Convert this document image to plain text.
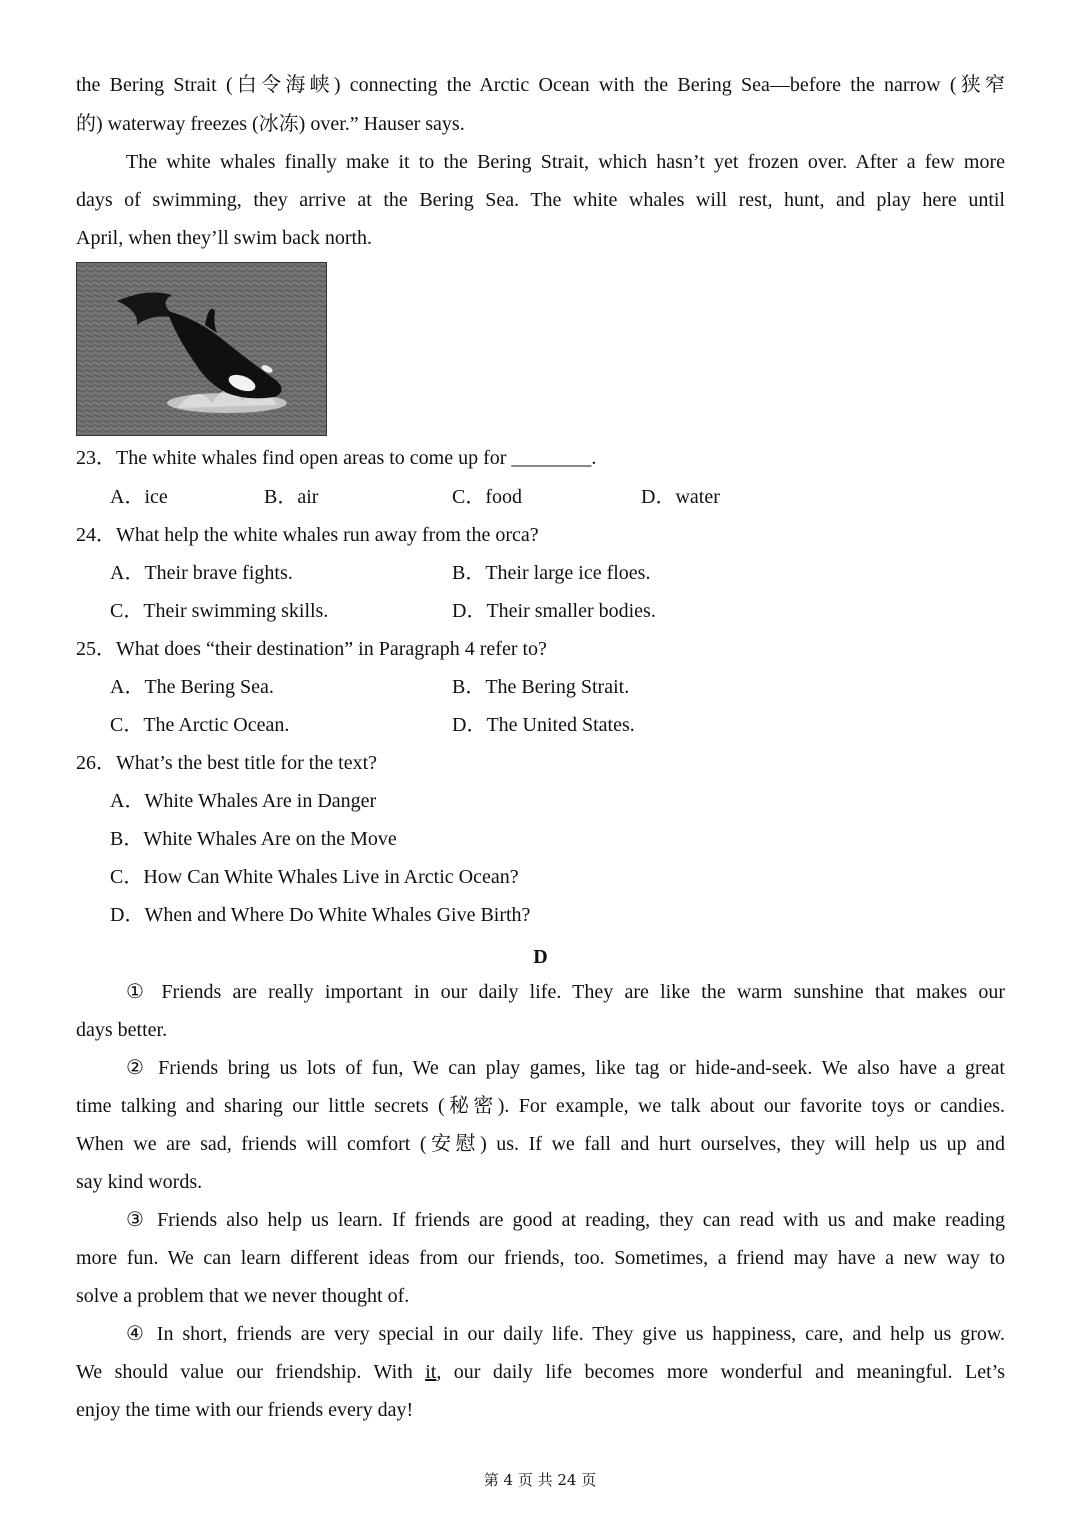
the Bering Strait (白令海峡) connecting the Arctic Ocean with the Bering Sea—before the narrow (狭窄
的) waterway freezes (冰冻) over.” Hauser says.
The white whales finally make it to the Bering Strait, which hasn’t yet frozen over. After a few more
days of swimming, they arrive at the Bering Sea. The white whales will rest, hunt, and play here until
April, when they’ll swim back north.
23．The white whales find open areas to come up for ________.
A．ice	B．air	C．food	D．water
24．What help the white whales run away from the orca?
A．Their brave fights.	B．Their large ice floes.
C．Their swimming skills.	D．Their smaller bodies.
25．What does “their destination” in Paragraph 4 refer to?
A．The Bering Sea.	B．The Bering Strait.
C．The Arctic Ocean.	D．The United States.
26．What’s the best title for the text?
A．White Whales Are in Danger
B．White Whales Are on the Move
C．How Can White Whales Live in Arctic Ocean?
D．When and Where Do White Whales Give Birth?
D
① Friends are really important in our daily life. They are like the warm sunshine that makes our
days better.
② Friends bring us lots of fun, We can play games, like tag or hide-and-seek. We also have a great
time talking and sharing our little secrets (秘密). For example, we talk about our favorite toys or candies.
When we are sad, friends will comfort (安慰) us. If we fall and hurt ourselves, they will help us up and
say kind words.
③ Friends also help us learn. If friends are good at reading, they can read with us and make reading
more fun. We can learn different ideas from our friends, too. Sometimes, a friend may have a new way to
solve a problem that we never thought of.
④ In short, friends are very special in our daily life. They give us happiness, care, and help us grow.
We should value our friendship. With it, our daily life becomes more wonderful and meaningful. Let’s
enjoy the time with our friends every day!
第 4 页 共 24 页
